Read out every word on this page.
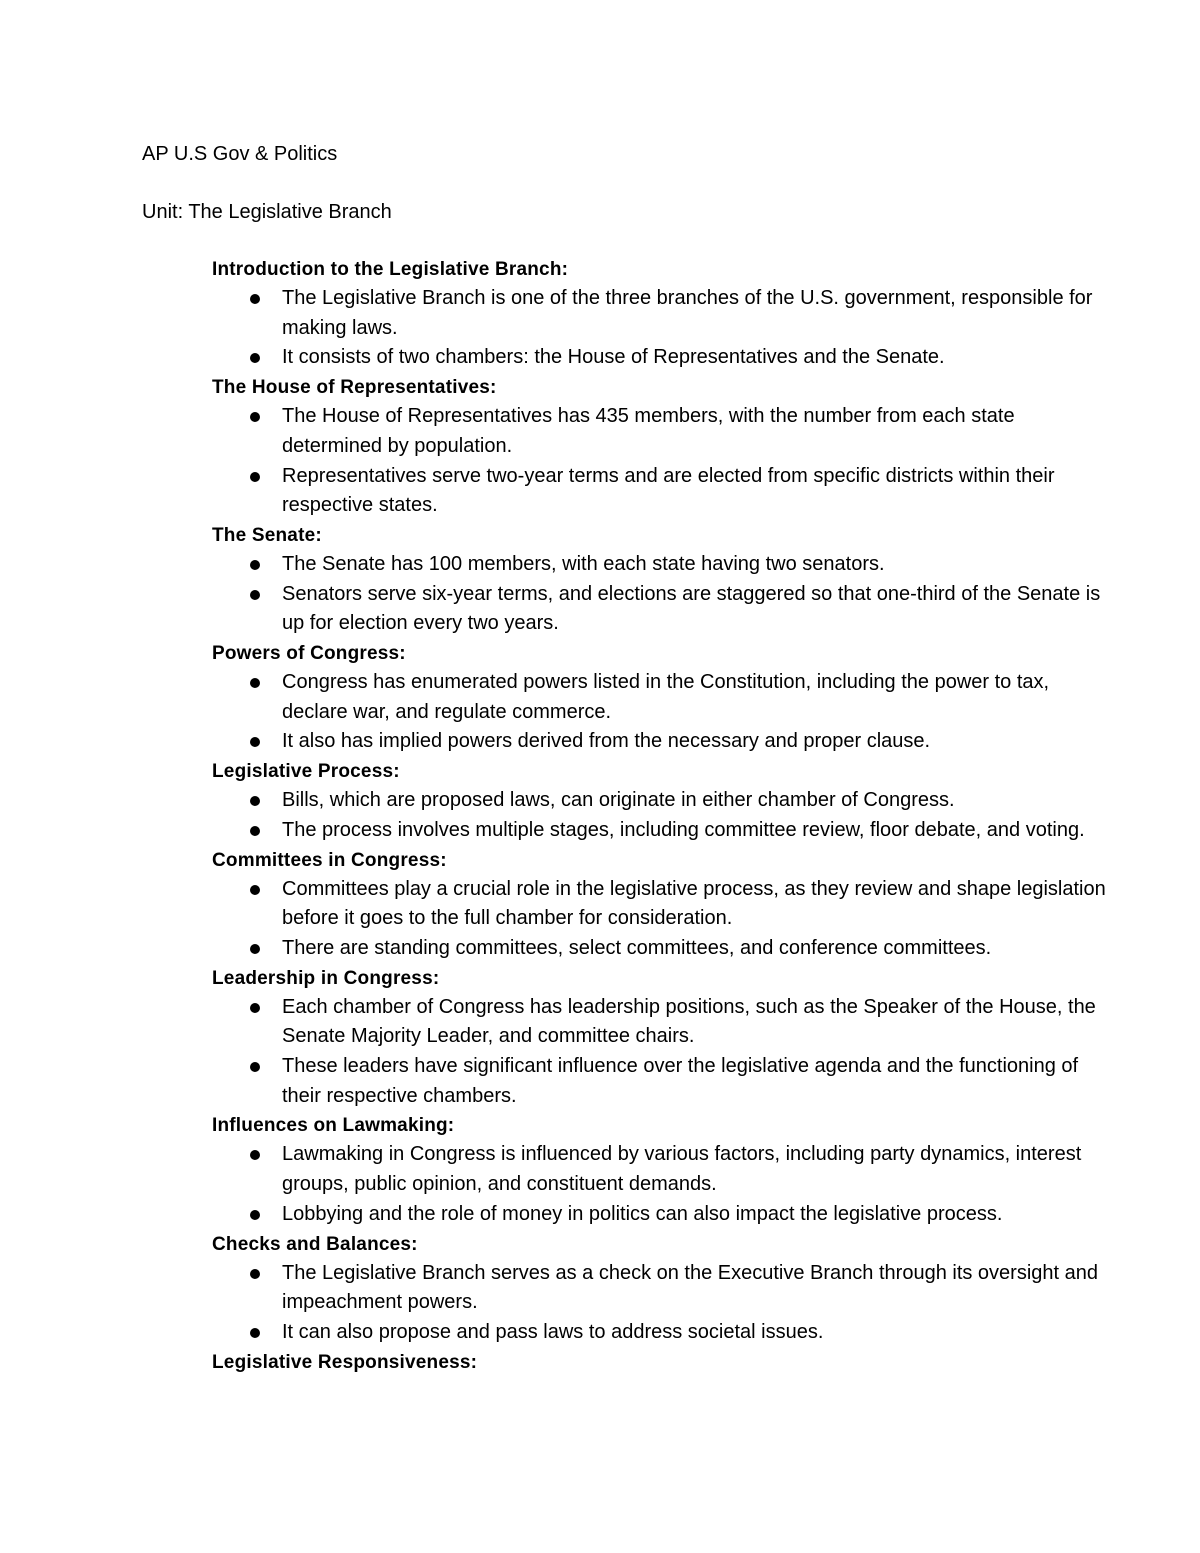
AP U.S Gov & Politics
Unit: The Legislative Branch
Introduction to the Legislative Branch:
The Legislative Branch is one of the three branches of the U.S. government, responsible for making laws.
It consists of two chambers: the House of Representatives and the Senate.
The House of Representatives:
The House of Representatives has 435 members, with the number from each state determined by population.
Representatives serve two-year terms and are elected from specific districts within their respective states.
The Senate:
The Senate has 100 members, with each state having two senators.
Senators serve six-year terms, and elections are staggered so that one-third of the Senate is up for election every two years.
Powers of Congress:
Congress has enumerated powers listed in the Constitution, including the power to tax, declare war, and regulate commerce.
It also has implied powers derived from the necessary and proper clause.
Legislative Process:
Bills, which are proposed laws, can originate in either chamber of Congress.
The process involves multiple stages, including committee review, floor debate, and voting.
Committees in Congress:
Committees play a crucial role in the legislative process, as they review and shape legislation before it goes to the full chamber for consideration.
There are standing committees, select committees, and conference committees.
Leadership in Congress:
Each chamber of Congress has leadership positions, such as the Speaker of the House, the Senate Majority Leader, and committee chairs.
These leaders have significant influence over the legislative agenda and the functioning of their respective chambers.
Influences on Lawmaking:
Lawmaking in Congress is influenced by various factors, including party dynamics, interest groups, public opinion, and constituent demands.
Lobbying and the role of money in politics can also impact the legislative process.
Checks and Balances:
The Legislative Branch serves as a check on the Executive Branch through its oversight and impeachment powers.
It can also propose and pass laws to address societal issues.
Legislative Responsiveness:
